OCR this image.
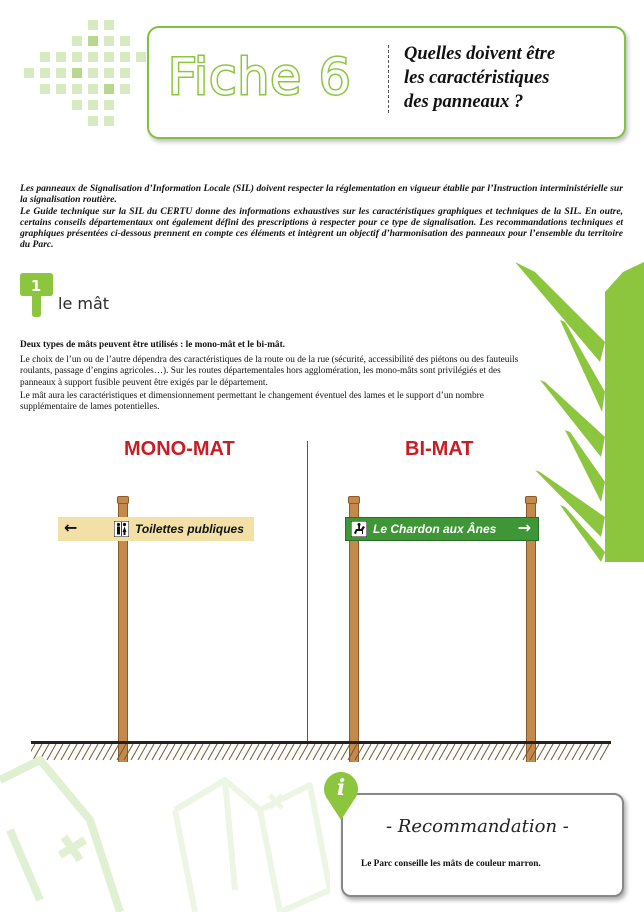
Fiche 6	Quelles doivent être
les caractéristiques
des panneaux ?

Les panneaux de Signalisation d’Information Locale (SIL) doivent respecter la réglementation en vigueur établie par l’Instruction interministérielle sur la signalisation routière.

Le Guide technique sur la SIL du CERTU donne des informations exhaustives sur les caractéristiques graphiques et techniques de la SIL. En outre, certains conseils départementaux ont également défini des prescriptions à respecter pour ce type de signalisation. Les recommandations techniques et graphiques présentées ci-dessous prennent en compte ces éléments et intègrent un objectif d’harmonisation des panneaux pour l’ensemble du territoire du Parc.

1
le mât

Deux types de mâts peuvent être utilisés : le mono-mât et le bi-mât.

Le choix de l’un ou de l’autre dépendra des caractéristiques de la route ou de la rue (sécurité, accessibilité des piétons ou des fauteuils roulants, passage d’engins agricoles…). Sur les routes départementales hors agglomération, les mono-mâts sont privilégiés et des panneaux à support fusible peuvent être exigés par le département.

Le mât aura les caractéristiques et dimensionnement permettant le changement éventuel des lames et le support d’un nombre supplémentaire de lames potentielles.

MONO-MAT	BI-MAT
←	Toilettes publiques	Le Chardon aux Ânes →
i
- Recommandation -
Le Parc conseille les mâts de couleur marron.
